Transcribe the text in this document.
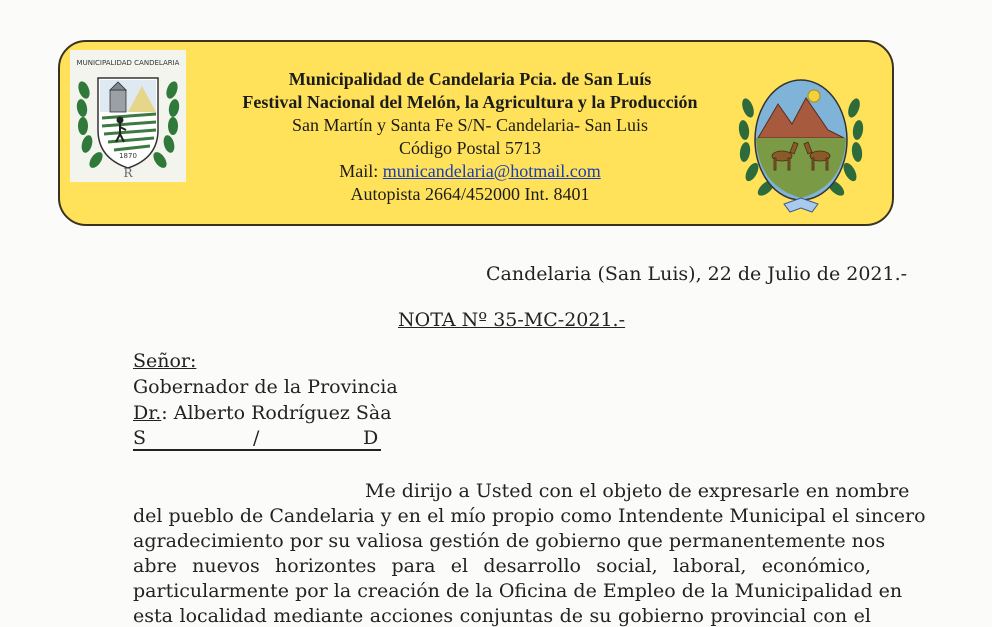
MUNICIPALIDAD CANDELARIA
1870
R
Municipalidad de Candelaria Pcia. de San Luís
Festival Nacional del Melón, la Agricultura y la Producción
San Martín y Santa Fe S/N- Candelaria- San Luis
Código Postal 5713
Mail: municandelaria@hotmail.com
Autopista 2664/452000 Int. 8401
Candelaria (San Luis), 22 de Julio de 2021.-
NOTA Nº 35-MC-2021.-
Señor:
Gobernador de la Provincia
Dr.: Alberto Rodríguez Sàa
S	/	D
Me dirijo a Usted con el objeto de expresarle en nombre
del pueblo de Candelaria y en el mío propio como Intendente Municipal el sincero
agradecimiento por su valiosa gestión de gobierno que permanentemente nos
abre nuevos horizontes para el desarrollo social, laboral, económico,
particularmente por la creación de la Oficina de Empleo de la Municipalidad en
esta localidad mediante acciones conjuntas de su gobierno provincial con el
